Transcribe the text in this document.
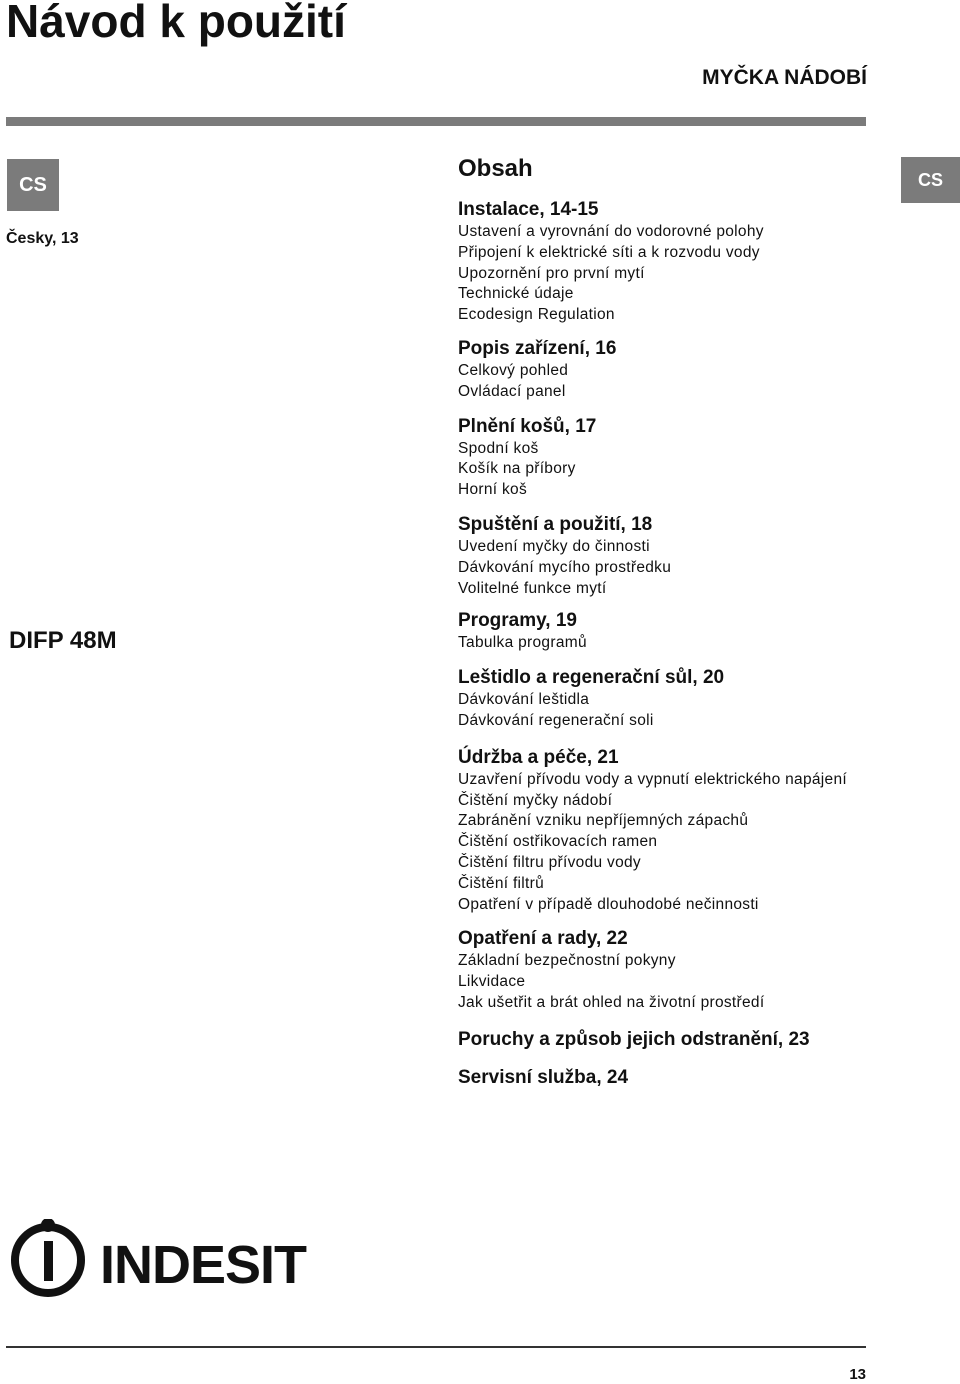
Návod k použití
MYČKA NÁDOBÍ
CS
Česky, 13
DIFP 48M
CS
Obsah
Instalace, 14-15
Ustavení a vyrovnání do vodorovné polohy
Připojení k elektrické síti a k rozvodu vody
Upozornění pro první mytí
Technické údaje
Ecodesign Regulation
Popis zařízení, 16
Celkový pohled
Ovládací panel
Plnění košů, 17
Spodní koš
Košík na příbory
Horní koš
Spuštění a použití, 18
Uvedení myčky do činnosti
Dávkování mycího prostředku
Volitelné funkce mytí
Programy, 19
Tabulka programů
Leštidlo a regenerační sůl, 20
Dávkování leštidla
Dávkování regenerační soli
Údržba a péče, 21
Uzavření přívodu vody a vypnutí elektrického napájení
Čištění myčky nádobí
Zabránění vzniku nepříjemných zápachů
Čištění ostřikovacích ramen
Čištění filtru přívodu vody
Čištění filtrů
Opatření v případě dlouhodobé nečinnosti
Opatření a rady, 22
Základní bezpečnostní pokyny
Likvidace
Jak ušetřit a brát ohled na životní prostředí
Poruchy a způsob jejich odstranění, 23
Servisní služba, 24
INDESIT
13
